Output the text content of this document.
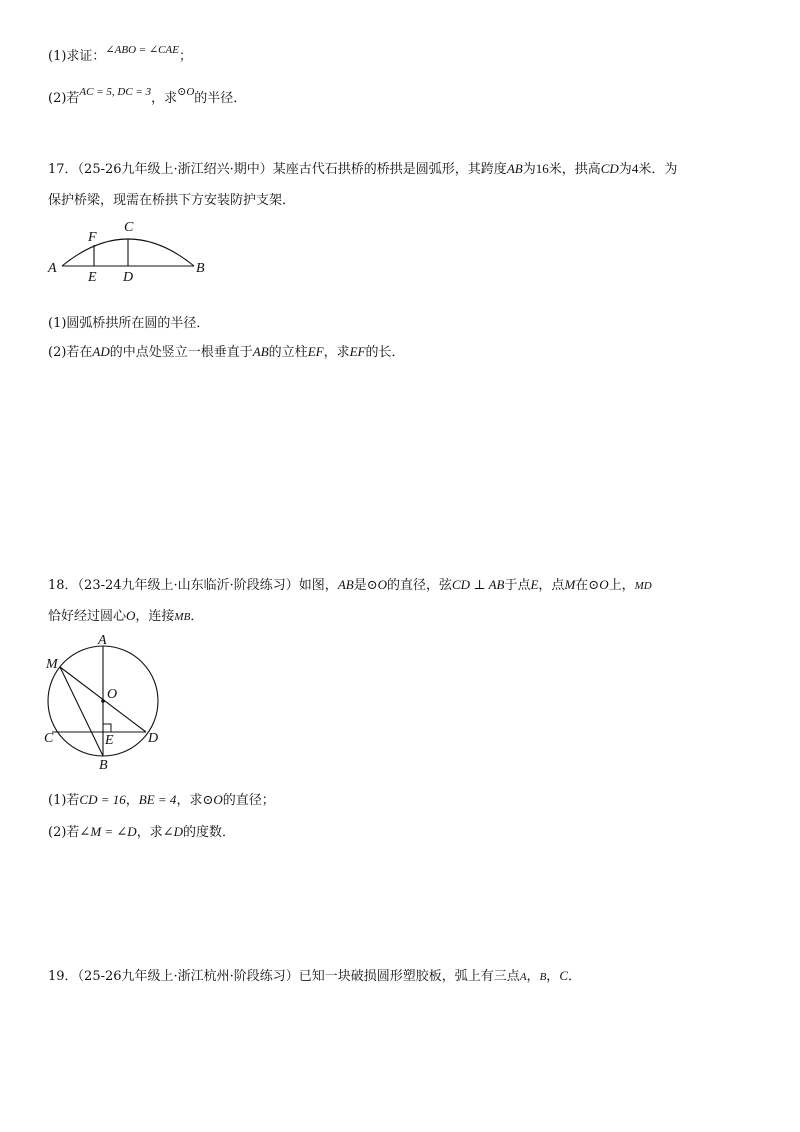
(1)求证：$^{\angle ABO = \angle CAE}$；
(2)若$^{AC = 5, DC = 3}$，求$^{⊙O}$的半径．
17．（25-26九年级上·浙江绍兴·期中）某座古代石拱桥的桥拱是圆弧形，其跨度AB为16米，拱高CD为4米．为
保护桥梁，现需在桥拱下方安装防护支架．
A	B
C
D
E
F
(1)圆弧桥拱所在圆的半径．
(2)若在AD的中点处竖立一根垂直于AB的立柱EF，求EF的长．
18．（23-24九年级上·山东临沂·阶段练习）如图，AB是⊙O的直径，弦CD ⊥ AB于点E，点M在⊙O上，MD
恰好经过圆心O，连接MB．
A
M
O
C	E D
B
(1)若CD = 16，BE = 4，求⊙O的直径；
(2)若∠M = ∠D，求∠D的度数．
19．（25-26九年级上·浙江杭州·阶段练习）已知一块破损圆形塑胶板，弧上有三点A，B，C．
